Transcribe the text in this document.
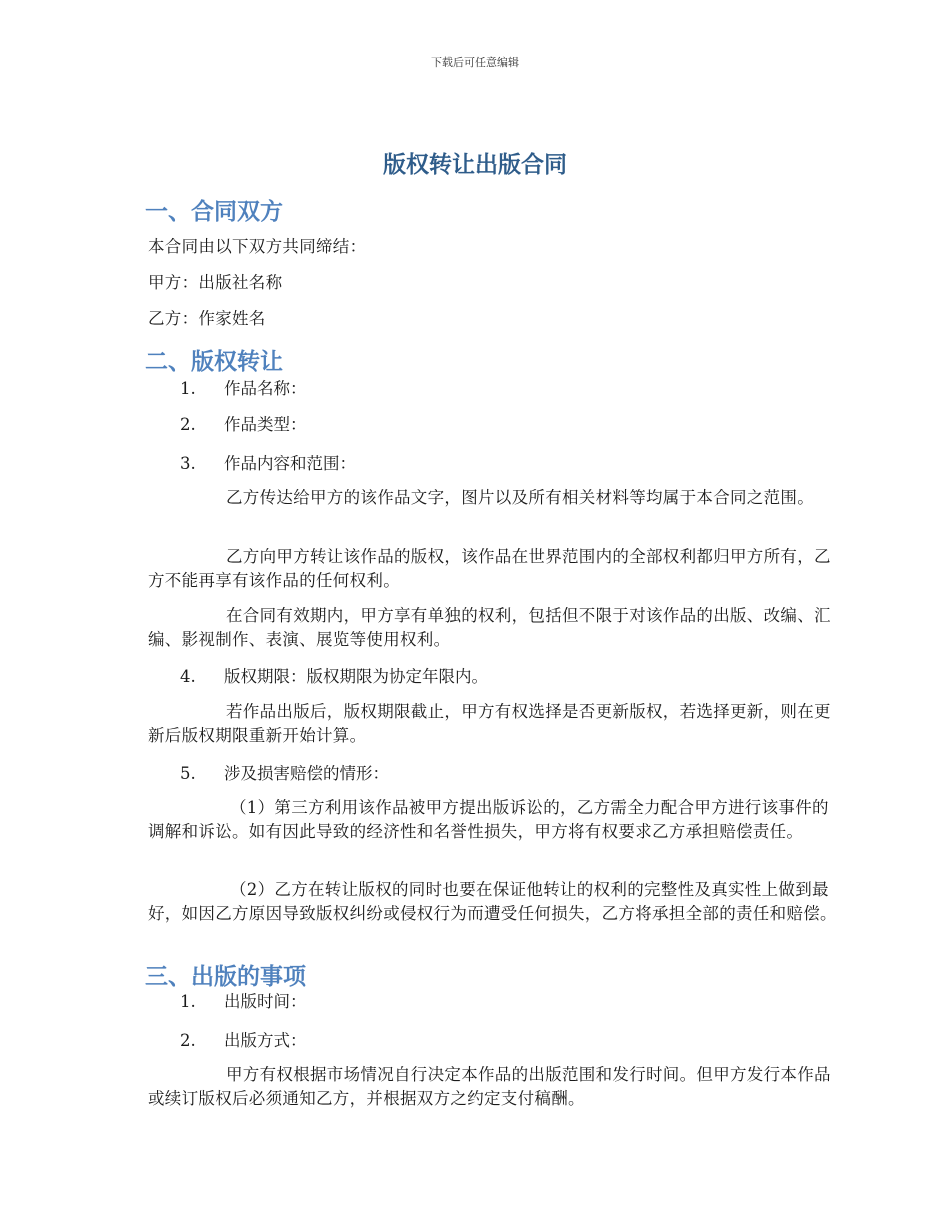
下载后可任意编辑
版权转让出版合同
一、合同双方

本合同由以下双方共同缔结：

甲方：出版社名称

乙方：作家姓名

二、版权转让
1. 作品名称：
2. 作品类型：
3. 作品内容和范围：

乙方传达给甲方的该作品文字，图片以及所有相关材料等均属于本合同之范围。

乙方向甲方转让该作品的版权，该作品在世界范围内的全部权利都归甲方所有，乙方不能再享有该作品的任何权利。

在合同有效期内，甲方享有单独的权利，包括但不限于对该作品的出版、改编、汇编、影视制作、表演、展览等使用权利。

4. 版权期限：版权期限为协定年限内。

若作品出版后，版权期限截止，甲方有权选择是否更新版权，若选择更新，则在更新后版权期限重新开始计算。

5. 涉及损害赔偿的情形：

（1）第三方利用该作品被甲方提出版诉讼的，乙方需全力配合甲方进行该事件的调解和诉讼。如有因此导致的经济性和名誉性损失，甲方将有权要求乙方承担赔偿责任。

（2）乙方在转让版权的同时也要在保证他转让的权利的完整性及真实性上做到最好，如因乙方原因导致版权纠纷或侵权行为而遭受任何损失，乙方将承担全部的责任和赔偿。

三、出版的事项
1. 出版时间：
2. 出版方式：

甲方有权根据市场情况自行决定本作品的出版范围和发行时间。但甲方发行本作品或续订版权后必须通知乙方，并根据双方之约定支付稿酬。
